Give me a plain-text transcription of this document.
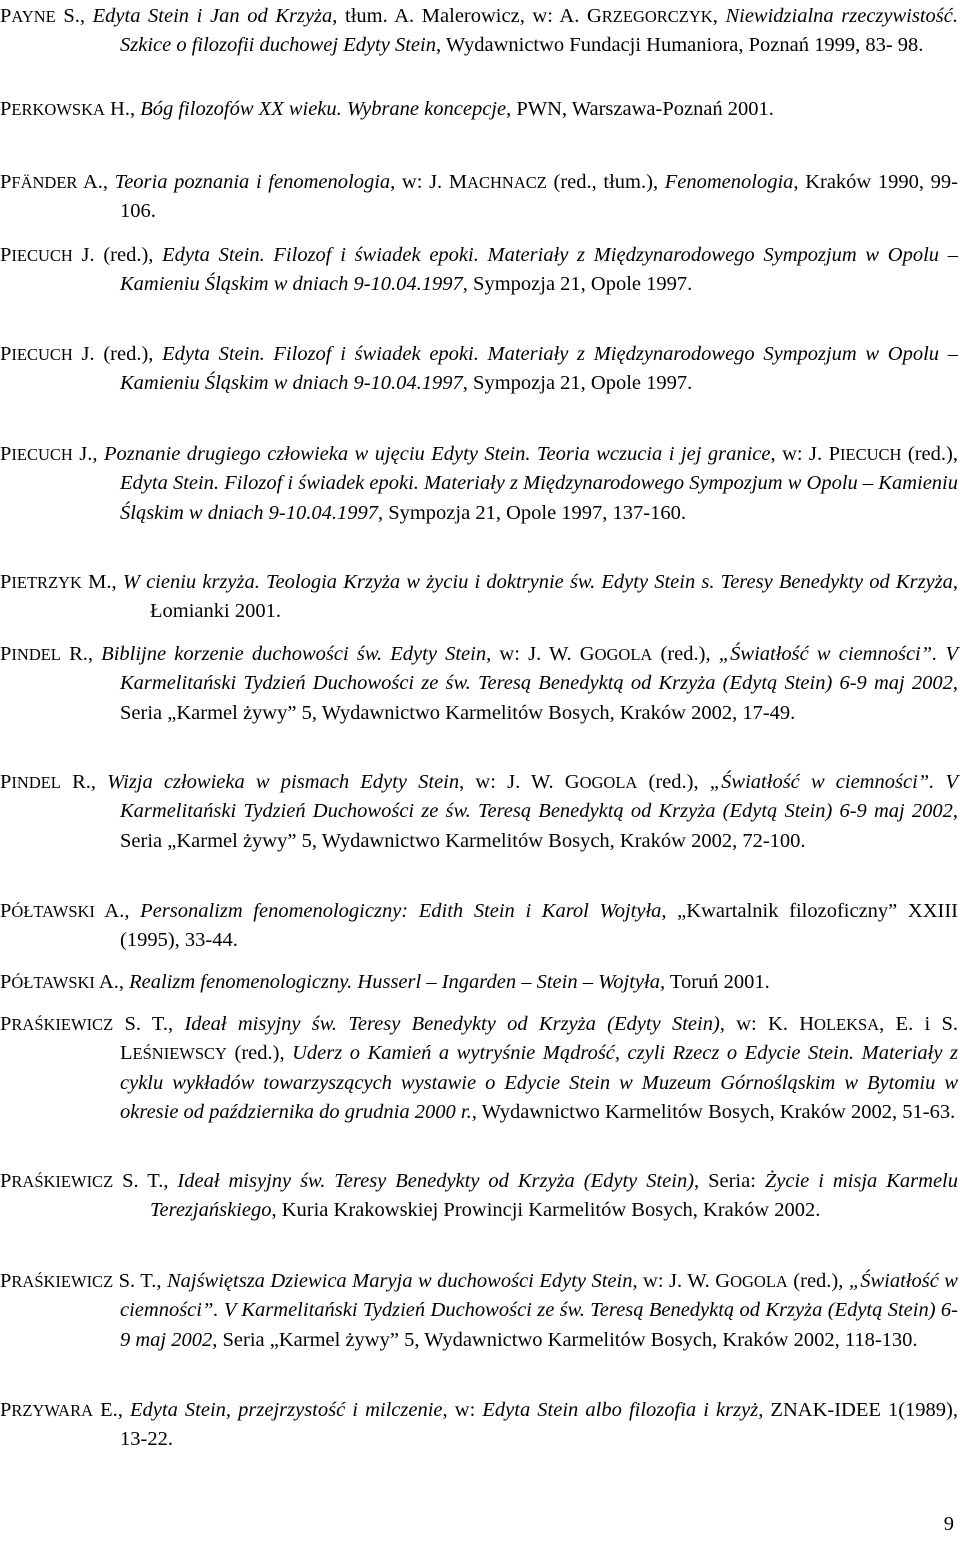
PAYNE S., Edyta Stein i Jan od Krzyża, tłum. A. Malerowicz, w: A. GRZEGORCZYK, Niewidzialna rzeczywistość. Szkice o filozofii duchowej Edyty Stein, Wydawnictwo Fundacji Humaniora, Poznań 1999, 83- 98.
PERKOWSKA H., Bóg filozofów XX wieku. Wybrane koncepcje, PWN, Warszawa-Poznań 2001.
PFÄNDER A., Teoria poznania i fenomenologia, w: J. MACHNACZ (red., tłum.), Fenomenologia, Kraków 1990, 99-106.
PIECUCH J. (red.), Edyta Stein. Filozof i świadek epoki. Materiały z Międzynarodowego Sympozjum w Opolu – Kamieniu Śląskim w dniach 9-10.04.1997, Sympozja 21, Opole 1997.
PIECUCH J. (red.), Edyta Stein. Filozof i świadek epoki. Materiały z Międzynarodowego Sympozjum w Opolu – Kamieniu Śląskim w dniach 9-10.04.1997, Sympozja 21, Opole 1997.
PIECUCH J., Poznanie drugiego człowieka w ujęciu Edyty Stein. Teoria wczucia i jej granice, w: J. PIECUCH (red.), Edyta Stein. Filozof i świadek epoki. Materiały z Międzynarodowego Sympozjum w Opolu – Kamieniu Śląskim w dniach 9-10.04.1997, Sympozja 21, Opole 1997, 137-160.
PIETRZYK M., W cieniu krzyża. Teologia Krzyża w życiu i doktrynie św. Edyty Stein s. Teresy Benedykty od Krzyża, Łomianki 2001.
PINDEL R., Biblijne korzenie duchowości św. Edyty Stein, w: J. W. GOGOLA (red.), „Światłość w ciemności”. V Karmelitański Tydzień Duchowości ze św. Teresą Benedyktą od Krzyża (Edytą Stein) 6-9 maj 2002, Seria „Karmel żywy” 5, Wydawnictwo Karmelitów Bosych, Kraków 2002, 17-49.
PINDEL R., Wizja człowieka w pismach Edyty Stein, w: J. W. GOGOLA (red.), „Światłość w ciemności”. V Karmelitański Tydzień Duchowości ze św. Teresą Benedyktą od Krzyża (Edytą Stein) 6-9 maj 2002, Seria „Karmel żywy” 5, Wydawnictwo Karmelitów Bosych, Kraków 2002, 72-100.
PÓŁTAWSKI A., Personalizm fenomenologiczny: Edith Stein i Karol Wojtyła, „Kwartalnik filozoficzny” XXIII (1995), 33-44.
PÓŁTAWSKI A., Realizm fenomenologiczny. Husserl – Ingarden – Stein – Wojtyła, Toruń 2001.
PRAŚKIEWICZ S. T., Ideał misyjny św. Teresy Benedykty od Krzyża (Edyty Stein), w: K. HOLEKSA, E. i S. LEŚNIEWSCY (red.), Uderz o Kamień a wytryśnie Mądrość, czyli Rzecz o Edycie Stein. Materiały z cyklu wykładów towarzyszących wystawie o Edycie Stein w Muzeum Górnośląskim w Bytomiu w okresie od października do grudnia 2000 r., Wydawnictwo Karmelitów Bosych, Kraków 2002, 51-63.
PRAŚKIEWICZ S. T., Ideał misyjny św. Teresy Benedykty od Krzyża (Edyty Stein), Seria: Życie i misja Karmelu Terezjańskiego, Kuria Krakowskiej Prowincji Karmelitów Bosych, Kraków 2002.
PRAŚKIEWICZ S. T., Najświętsza Dziewica Maryja w duchowości Edyty Stein, w: J. W. GOGOLA (red.), „Światłość w ciemności”. V Karmelitański Tydzień Duchowości ze św. Teresą Benedyktą od Krzyża (Edytą Stein) 6-9 maj 2002, Seria „Karmel żywy” 5, Wydawnictwo Karmelitów Bosych, Kraków 2002, 118-130.
PRZYWARA E., Edyta Stein, przejrzystość i milczenie, w: Edyta Stein albo filozofia i krzyż, ZNAK-IDEE 1(1989), 13-22.
9
